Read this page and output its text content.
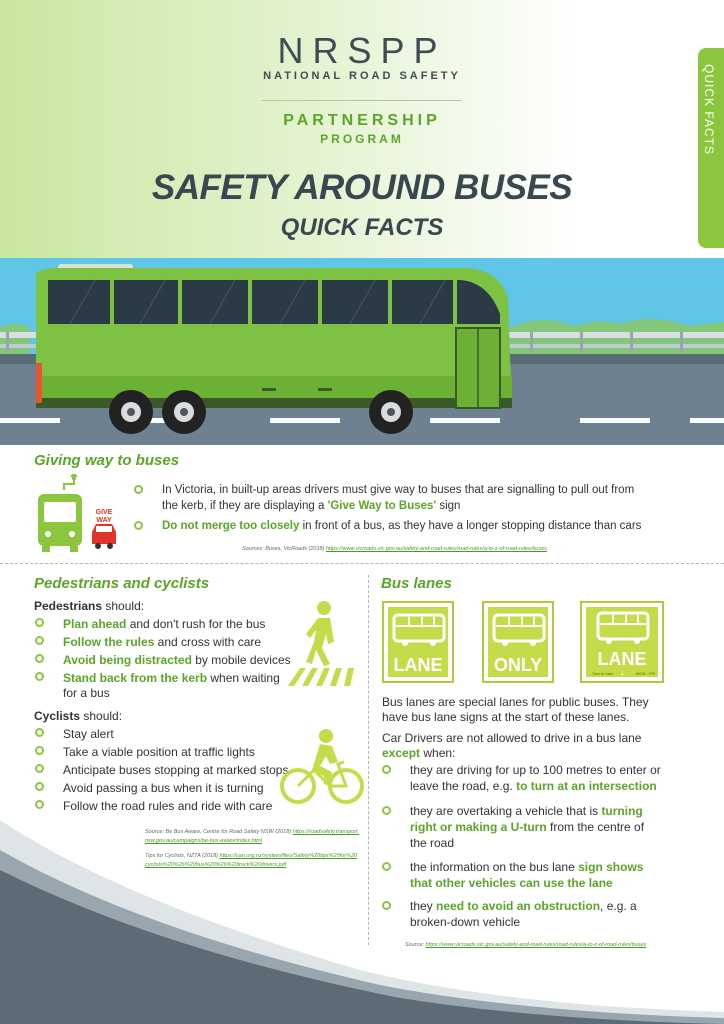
NRSPP
NATIONAL ROAD SAFETY
PARTNERSHIP
PROGRAM
SAFETY AROUND BUSES
QUICK FACTS
QUICK FACTS
Giving way to buses
GIVE
WAY
In Victoria, in built-up areas drivers must give way to buses that are signalling to pull out from the kerb, if they are displaying a 'Give Way to Buses' sign
Do not merge too closely in front of a bus, as they have a longer stopping distance than cars
Sources: Buses, VicRoads (2018) https://www.vicroads.vic.gov.au/safety-and-road-rules/road-rules/a-to-z-of-road-rules/buses
Pedestrians and cyclists
Pedestrians should:
Plan ahead and don't rush for the bus
Follow the rules and cross with care
Avoid being distracted by mobile devices
Stand back from the kerb when waiting
for a bus
Cyclists should:
Stay alert
Take a viable position at traffic lights
Anticipate buses stopping at marked stops
Avoid passing a bus when it is turning
Follow the road rules and ride with care
Source: Be Bus Aware, Centre for Road Safety NSW (2018) https://roadsafety.transport.
nsw.gov.au/campaigns/be-bus-aware/index.html
Tips for Cyclists, NZTA (2018) https://can.org.nz/system/files/Safety%20tips%20for%20
cyclists%20%26%20bus%20%26%20truck%20drivers.pdf
Bus lanes
LANE	ONLY	LANE
7am to 9am ↓	MON - FRI
Bus lanes are special lanes for public buses. They
have bus lane signs at the start of these lanes.
Car Drivers are not allowed to drive in a bus lane
except when:
they are driving for up to 100 metres to enter or
leave the road, e.g. to turn at an intersection
they are overtaking a vehicle that is turning
right or making a U-turn from the centre of
the road
the information on the bus lane sign shows
that other vehicles can use the lane
they need to avoid an obstruction, e.g. a
broken-down vehicle
Source: https://www.vicroads.vic.gov.au/safety-and-road-rules/road-rules/a-to-z-of-road-rules/buses
